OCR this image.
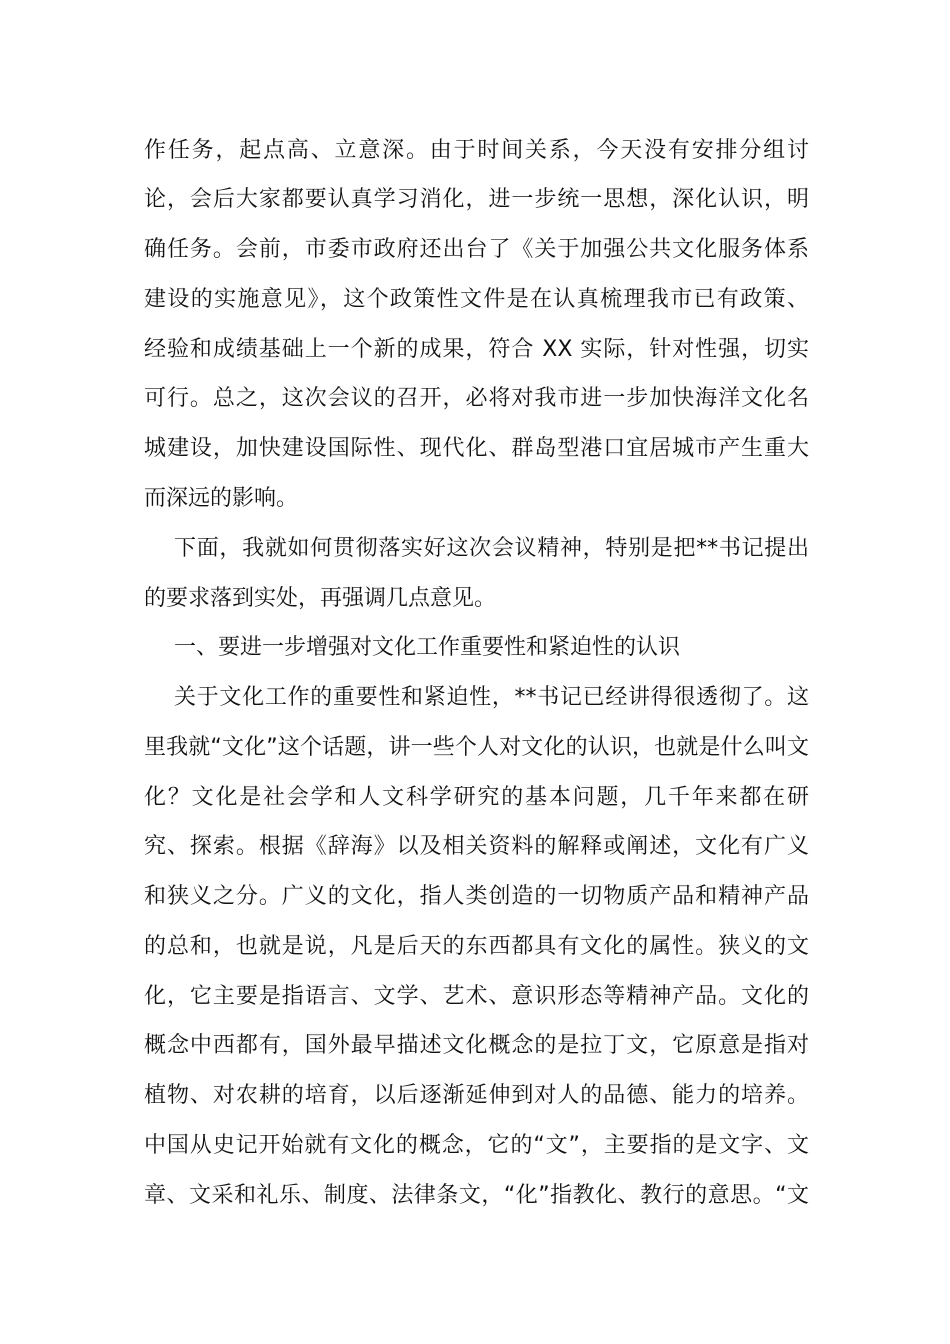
作任务，起点高、立意深。由于时间关系，今天没有安排分组讨
论，会后大家都要认真学习消化，进一步统一思想，深化认识，明
确任务。会前，市委市政府还出台了《关于加强公共文化服务体系
建设的实施意见》，这个政策性文件是在认真梳理我市已有政策、
经验和成绩基础上一个新的成果，符合 XX 实际，针对性强，切实
可行。总之，这次会议的召开，必将对我市进一步加快海洋文化名
城建设，加快建设国际性、现代化、群岛型港口宜居城市产生重大
而深远的影响。
下面，我就如何贯彻落实好这次会议精神，特别是把**书记提出
的要求落到实处，再强调几点意见。
一、要进一步增强对文化工作重要性和紧迫性的认识
关于文化工作的重要性和紧迫性，**书记已经讲得很透彻了。这
里我就“文化”这个话题，讲一些个人对文化的认识，也就是什么叫文
化？文化是社会学和人文科学研究的基本问题，几千年来都在研
究、探索。根据《辞海》以及相关资料的解释或阐述，文化有广义
和狭义之分。广义的文化，指人类创造的一切物质产品和精神产品
的总和，也就是说，凡是后天的东西都具有文化的属性。狭义的文
化，它主要是指语言、文学、艺术、意识形态等精神产品。文化的
概念中西都有，国外最早描述文化概念的是拉丁文，它原意是指对
植物、对农耕的培育，以后逐渐延伸到对人的品德、能力的培养。
中国从史记开始就有文化的概念，它的“文”，主要指的是文字、文
章、文采和礼乐、制度、法律条文，“化”指教化、教行的意思。“文
